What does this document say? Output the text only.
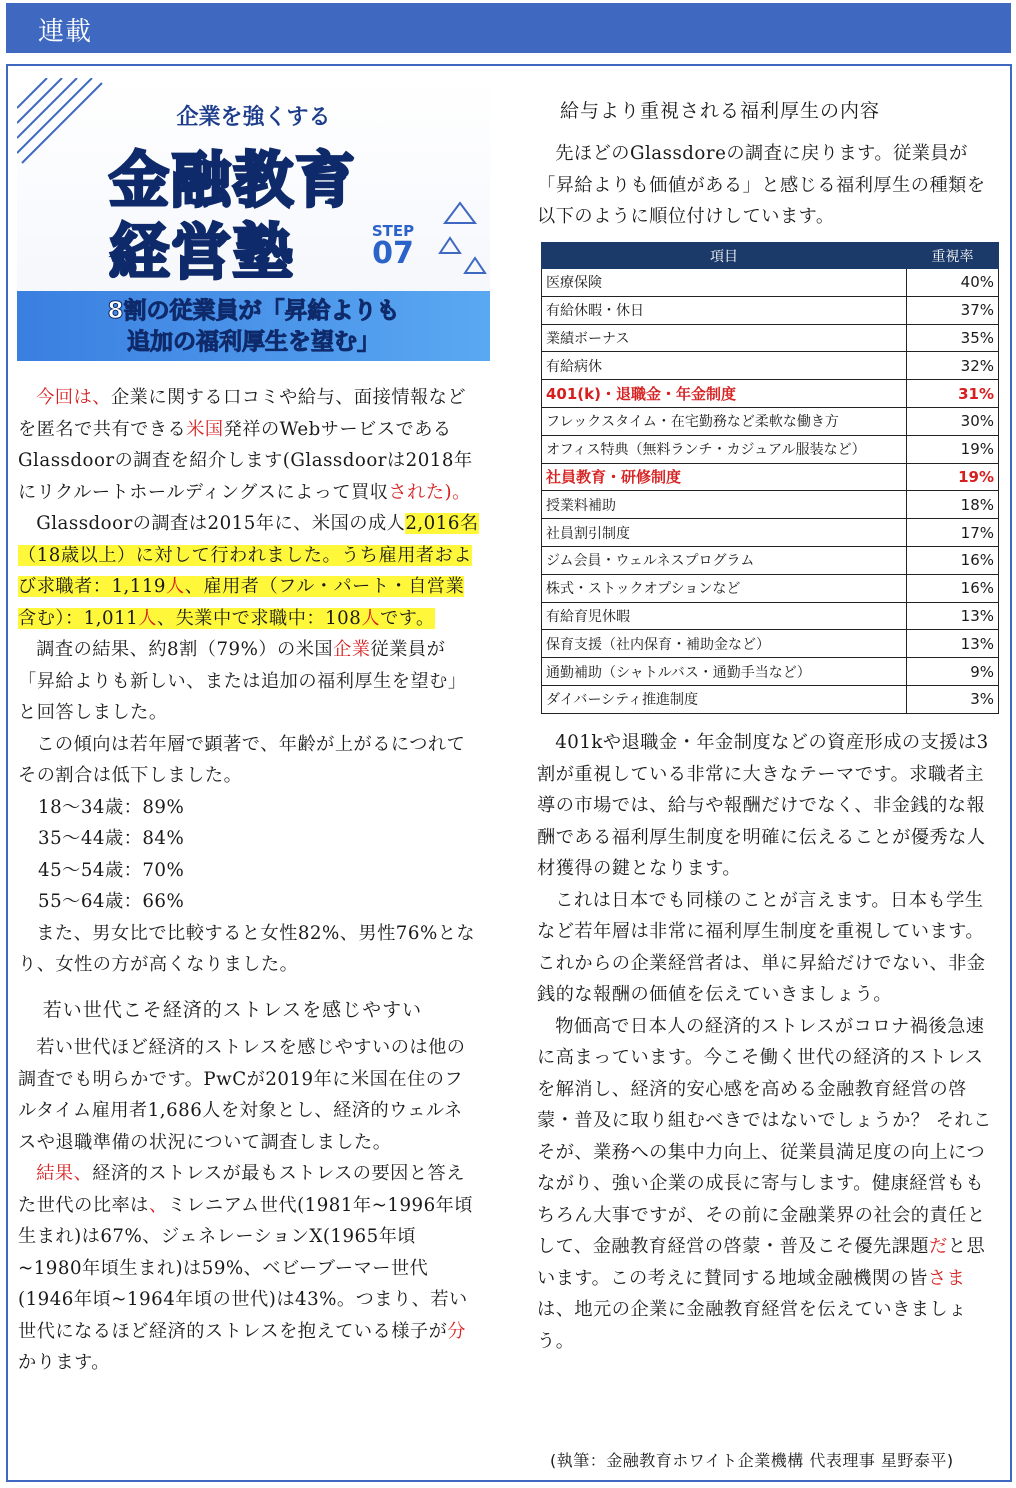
連載
企業を強くする
金融教育
経営塾	STEP
07
8割の従業員が「昇給よりも
追加の福利厚生を望む」

今回は、企業に関する口コミや給与、面接情報などを匿名で共有できる米国発祥のWebサービスであるGlassdoorの調査を紹介します(Glassdoorは2018年にリクルートホールディングスによって買収された)。

Glassdoorの調査は2015年に、米国の成人2,016名（18歳以上）に対して行われました。うち雇用者および求職者：1,119人、雇用者（フル・パート・自営業含む）：1,011人、失業中で求職中：108人です。

調査の結果、約8割（79%）の米国企業従業員が「昇給よりも新しい、または追加の福利厚生を望む」と回答しました。

この傾向は若年層で顕著で、年齢が上がるにつれてその割合は低下しました。

18～34歳：89%
35～44歳：84%
45～54歳：70%
55～64歳：66%

また、男女比で比較すると女性82%、男性76%となり、女性の方が高くなりました。

若い世代こそ経済的ストレスを感じやすい

若い世代ほど経済的ストレスを感じやすいのは他の調査でも明らかです。PwCが2019年に米国在住のフルタイム雇用者1,686人を対象とし、経済的ウェルネスや退職準備の状況について調査しました。

結果、経済的ストレスが最もストレスの要因と答えた世代の比率は、ミレニアム世代(1981年~1996年頃生まれ)は67%、ジェネレーションX(1965年頃~1980年頃生まれ)は59%、ベビーブーマー世代(1946年頃~1964年頃の世代)は43%。つまり、若い世代になるほど経済的ストレスを抱えている様子が分かります。

給与より重視される福利厚生の内容

先ほどのGlassdoreの調査に戻ります。従業員が「昇給よりも価値がある」と感じる福利厚生の種類を以下のように順位付けしています。

項目	重視率
医療保険	40%
有給休暇・休日	37%
業績ボーナス	35%
有給病休	32%
401(k)・退職金・年金制度	31%
フレックスタイム・在宅勤務など柔軟な働き方	30%
オフィス特典（無料ランチ・カジュアル服装など）	19%
社員教育・研修制度	19%
授業料補助	18%
社員割引制度	17%
ジム会員・ウェルネスプログラム	16%
株式・ストックオプションなど	16%
有給育児休暇	13%
保育支援（社内保育・補助金など）	13%
通勤補助（シャトルバス・通勤手当など）	9%
ダイバーシティ推進制度	3%

401kや退職金・年金制度などの資産形成の支援は3割が重視している非常に大きなテーマです。求職者主導の市場では、給与や報酬だけでなく、非金銭的な報酬である福利厚生制度を明確に伝えることが優秀な人材獲得の鍵となります。

これは日本でも同様のことが言えます。日本も学生など若年層は非常に福利厚生制度を重視しています。これからの企業経営者は、単に昇給だけでない、非金銭的な報酬の価値を伝えていきましょう。

物価高で日本人の経済的ストレスがコロナ禍後急速に高まっています。今こそ働く世代の経済的ストレスを解消し、経済的安心感を高める金融教育経営の啓蒙・普及に取り組むべきではないでしょうか？ それこそが、業務への集中力向上、従業員満足度の向上につながり、強い企業の成長に寄与します。健康経営ももちろん大事ですが、その前に金融業界の社会的責任として、金融教育経営の啓蒙・普及こそ優先課題だと思います。この考えに賛同する地域金融機関の皆さまは、地元の企業に金融教育経営を伝えていきましょう。

(執筆：金融教育ホワイト企業機構 代表理事 星野泰平)
